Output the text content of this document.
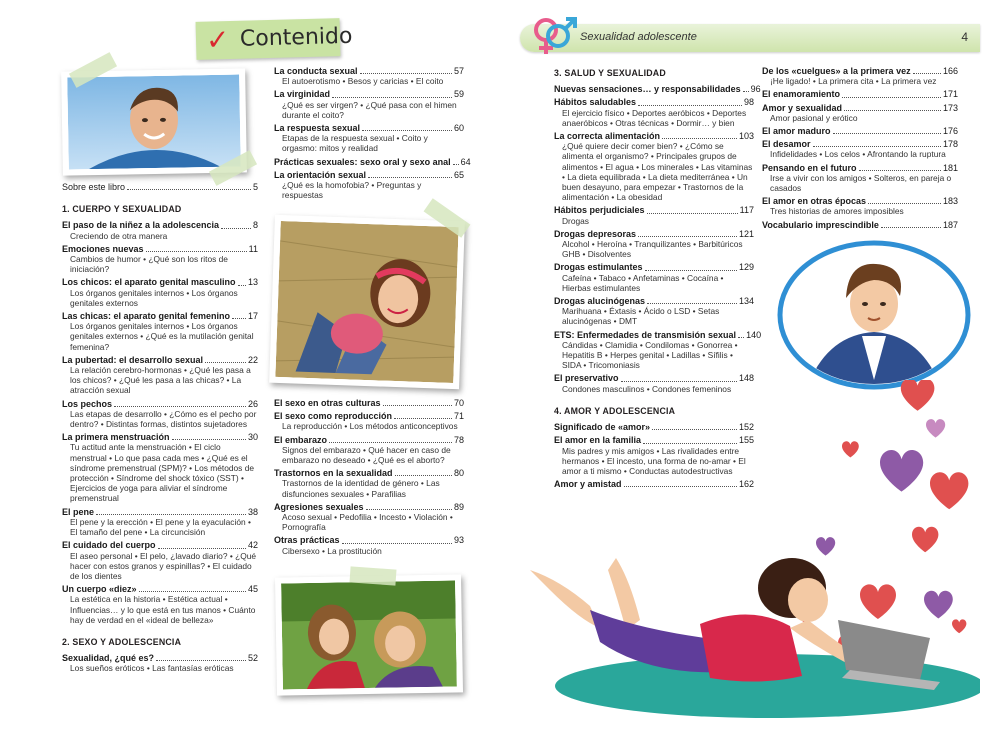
✓ Contenido
Sobre este libro	5
1. CUERPO Y SEXUALIDAD
El paso de la niñez a la adolescencia	8
Creciendo de otra manera
Emociones nuevas	11
Cambios de humor • ¿Qué son los ritos de iniciación?
Los chicos: el aparato genital masculino 13
Los órganos genitales internos • Los órganos genitales externos
Las chicas: el aparato genital femenino 17
Los órganos genitales internos • Los órganos genitales externos • ¿Qué es la mutilación genital femenina?
La pubertad: el desarrollo sexual	22
La relación cerebro-hormonas • ¿Qué les pasa a los chicos? • ¿Qué les pasa a las chicas? • La atracción sexual
Los pechos	26
Las etapas de desarrollo • ¿Cómo es el pecho por dentro? • Distintas formas, distintos sujetadores
La primera menstruación	30
Tu actitud ante la menstruación • El ciclo menstrual • Lo que pasa cada mes • ¿Qué es el síndrome premenstrual (SPM)? • Los métodos de protección • Síndrome del shock tóxico (SST) • Ejercicios de yoga para aliviar el síndrome premenstrual
El pene	38
El pene y la erección • El pene y la eyaculación • El tamaño del pene • La circuncisión
El cuidado del cuerpo	42
El aseo personal • El pelo, ¿lavado diario? • ¿Qué hacer con estos granos y espinillas? • El cuidado de los dientes
Un cuerpo «diez»	45
La estética en la historia • Estética actual • Influencias… y lo que está en tus manos • Cuánto hay de verdad en el «ideal de belleza»
2. SEXO Y ADOLESCENCIA
Sexualidad, ¿qué es?	52
Los sueños eróticos • Las fantasías eróticas
La conducta sexual	57
El autoerotismo • Besos y caricias • El coito
La virginidad	59
¿Qué es ser virgen? • ¿Qué pasa con el himen durante el coito?
La respuesta sexual	60
Etapas de la respuesta sexual • Coito y orgasmo: mitos y realidad
Prácticas sexuales: sexo oral y sexo anal 64
La orientación sexual	65
¿Qué es la homofobia? • Preguntas y respuestas
El sexo en otras culturas	70
El sexo como reproducción	71
La reproducción • Los métodos anticonceptivos
El embarazo	78
Signos del embarazo • Qué hacer en caso de embarazo no deseado • ¿Qué es el aborto?
Trastornos en la sexualidad	80
Trastornos de la identidad de género • Las disfunciones sexuales • Parafilias
Agresiones sexuales	89
Acoso sexual • Pedofilia • Incesto • Violación • Pornografía
Otras prácticas	93
Cibersexo • La prostitución
Sexualidad adolescente	4
3. SALUD Y SEXUALIDAD
Nuevas sensaciones… y responsabilidades 96
Hábitos saludables	98
El ejercicio físico • Deportes aeróbicos • Deportes anaeróbicos • Otras técnicas • Dormir… y bien
La correcta alimentación	103
¿Qué quiere decir comer bien? • ¿Cómo se alimenta el organismo? • Principales grupos de alimentos • El agua • Los minerales • Las vitaminas • La dieta equilibrada • La dieta mediterránea • Un buen desayuno, para empezar • Trastornos de la alimentación • La obesidad
Hábitos perjudiciales	117
Drogas
Drogas depresoras	121
Alcohol • Heroína • Tranquilizantes • Barbitúricos GHB • Disolventes
Drogas estimulantes	129
Cafeína • Tabaco • Anfetaminas • Cocaína • Hierbas estimulantes
Drogas alucinógenas	134
Marihuana • Éxtasis • Ácido o LSD • Setas alucinógenas • DMT
ETS: Enfermedades de transmisión sexual 140
Cándidas • Clamidia • Condilomas • Gonorrea • Hepatitis B • Herpes genital • Ladillas • Sífilis • SIDA • Tricomoniasis
El preservativo	148
Condones masculinos • Condones femeninos
4. AMOR Y ADOLESCENCIA
Significado de «amor»	152
El amor en la familia	155
Mis padres y mis amigos • Las rivalidades entre hermanos • El incesto, una forma de no-amar • El amor a ti mismo • Conductas autodestructivas
Amor y amistad	162
De los «cuelgues» a la primera vez	166
¡He ligado! • La primera cita • La primera vez
El enamoramiento	171
Amor y sexualidad	173
Amor pasional y erótico
El amor maduro	176
El desamor	178
Infidelidades • Los celos • Afrontando la ruptura
Pensando en el futuro	181
Irse a vivir con los amigos • Solteros, en pareja o casados
El amor en otras épocas	183
Tres historias de amores imposibles
Vocabulario imprescindible	187
